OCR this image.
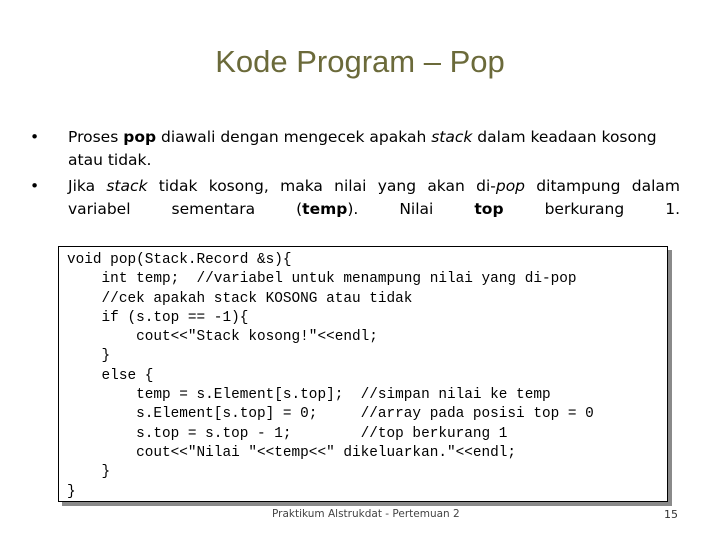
Kode Program – Pop
•	Proses pop diawali dengan mengecek apakah stack dalam keadaan kosong atau tidak.
•	Jika stack tidak kosong, maka nilai yang akan di-pop ditampung dalam variabel sementara (temp). Nilai top berkurang 1.
void pop(Stack.Record &s){
int temp;  //variabel untuk menampung nilai yang di-pop
//cek apakah stack KOSONG atau tidak
if (s.top == -1){
cout<<"Stack kosong!"<<endl;
}
else {
temp = s.Element[s.top];  //simpan nilai ke temp
s.Element[s.top] = 0;     //array pada posisi top = 0
s.top = s.top - 1;        //top berkurang 1
cout<<"Nilai "<<temp<<" dikeluarkan."<<endl;
}
}
Praktikum Alstrukdat - Pertemuan 2	15
